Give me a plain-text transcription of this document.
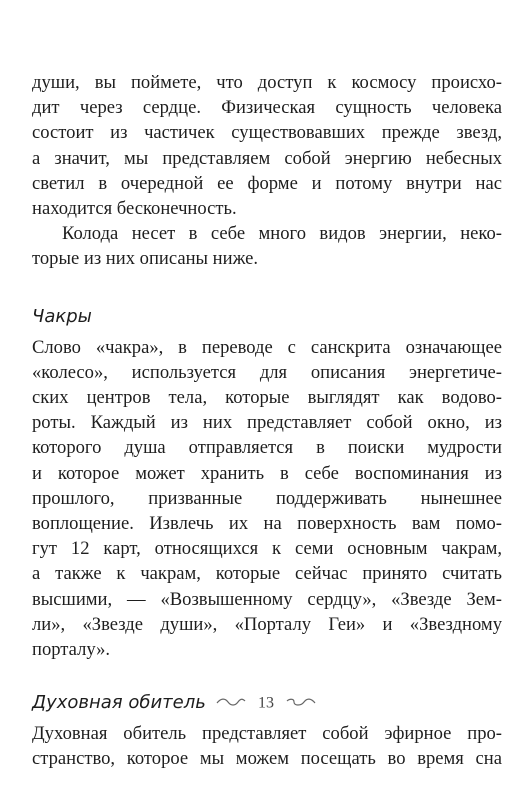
души, вы поймете, что доступ к космосу происхо-
дит через сердце. Физическая сущность человека
состоит из частичек существовавших прежде звезд,
а значит, мы представляем собой энергию небесных
светил в очередной ее форме и потому внутри нас
находится бесконечность.

Колода несет в себе много видов энергии, неко-
торые из них описаны ниже.

Чакры

Слово «чакра», в переводе с санскрита означающее
«колесо», используется для описания энергетиче-
ских центров тела, которые выглядят как водово-
роты. Каждый из них представляет собой окно, из
которого душа отправляется в поиски мудрости
и которое может хранить в себе воспоминания из
прошлого, призванные поддерживать нынешнее
воплощение. Извлечь их на поверхность вам помо-
гут 12 карт, относящихся к семи основным чакрам,
а также к чакрам, которые сейчас принято считать
высшими, — «Возвышенному сердцу», «Звезде Зем-
ли», «Звезде души», «Порталу Геи» и «Звездному
порталу».

Духовная обитель

Духовная обитель представляет собой эфирное про-
странство, которое мы можем посещать во время сна

13
